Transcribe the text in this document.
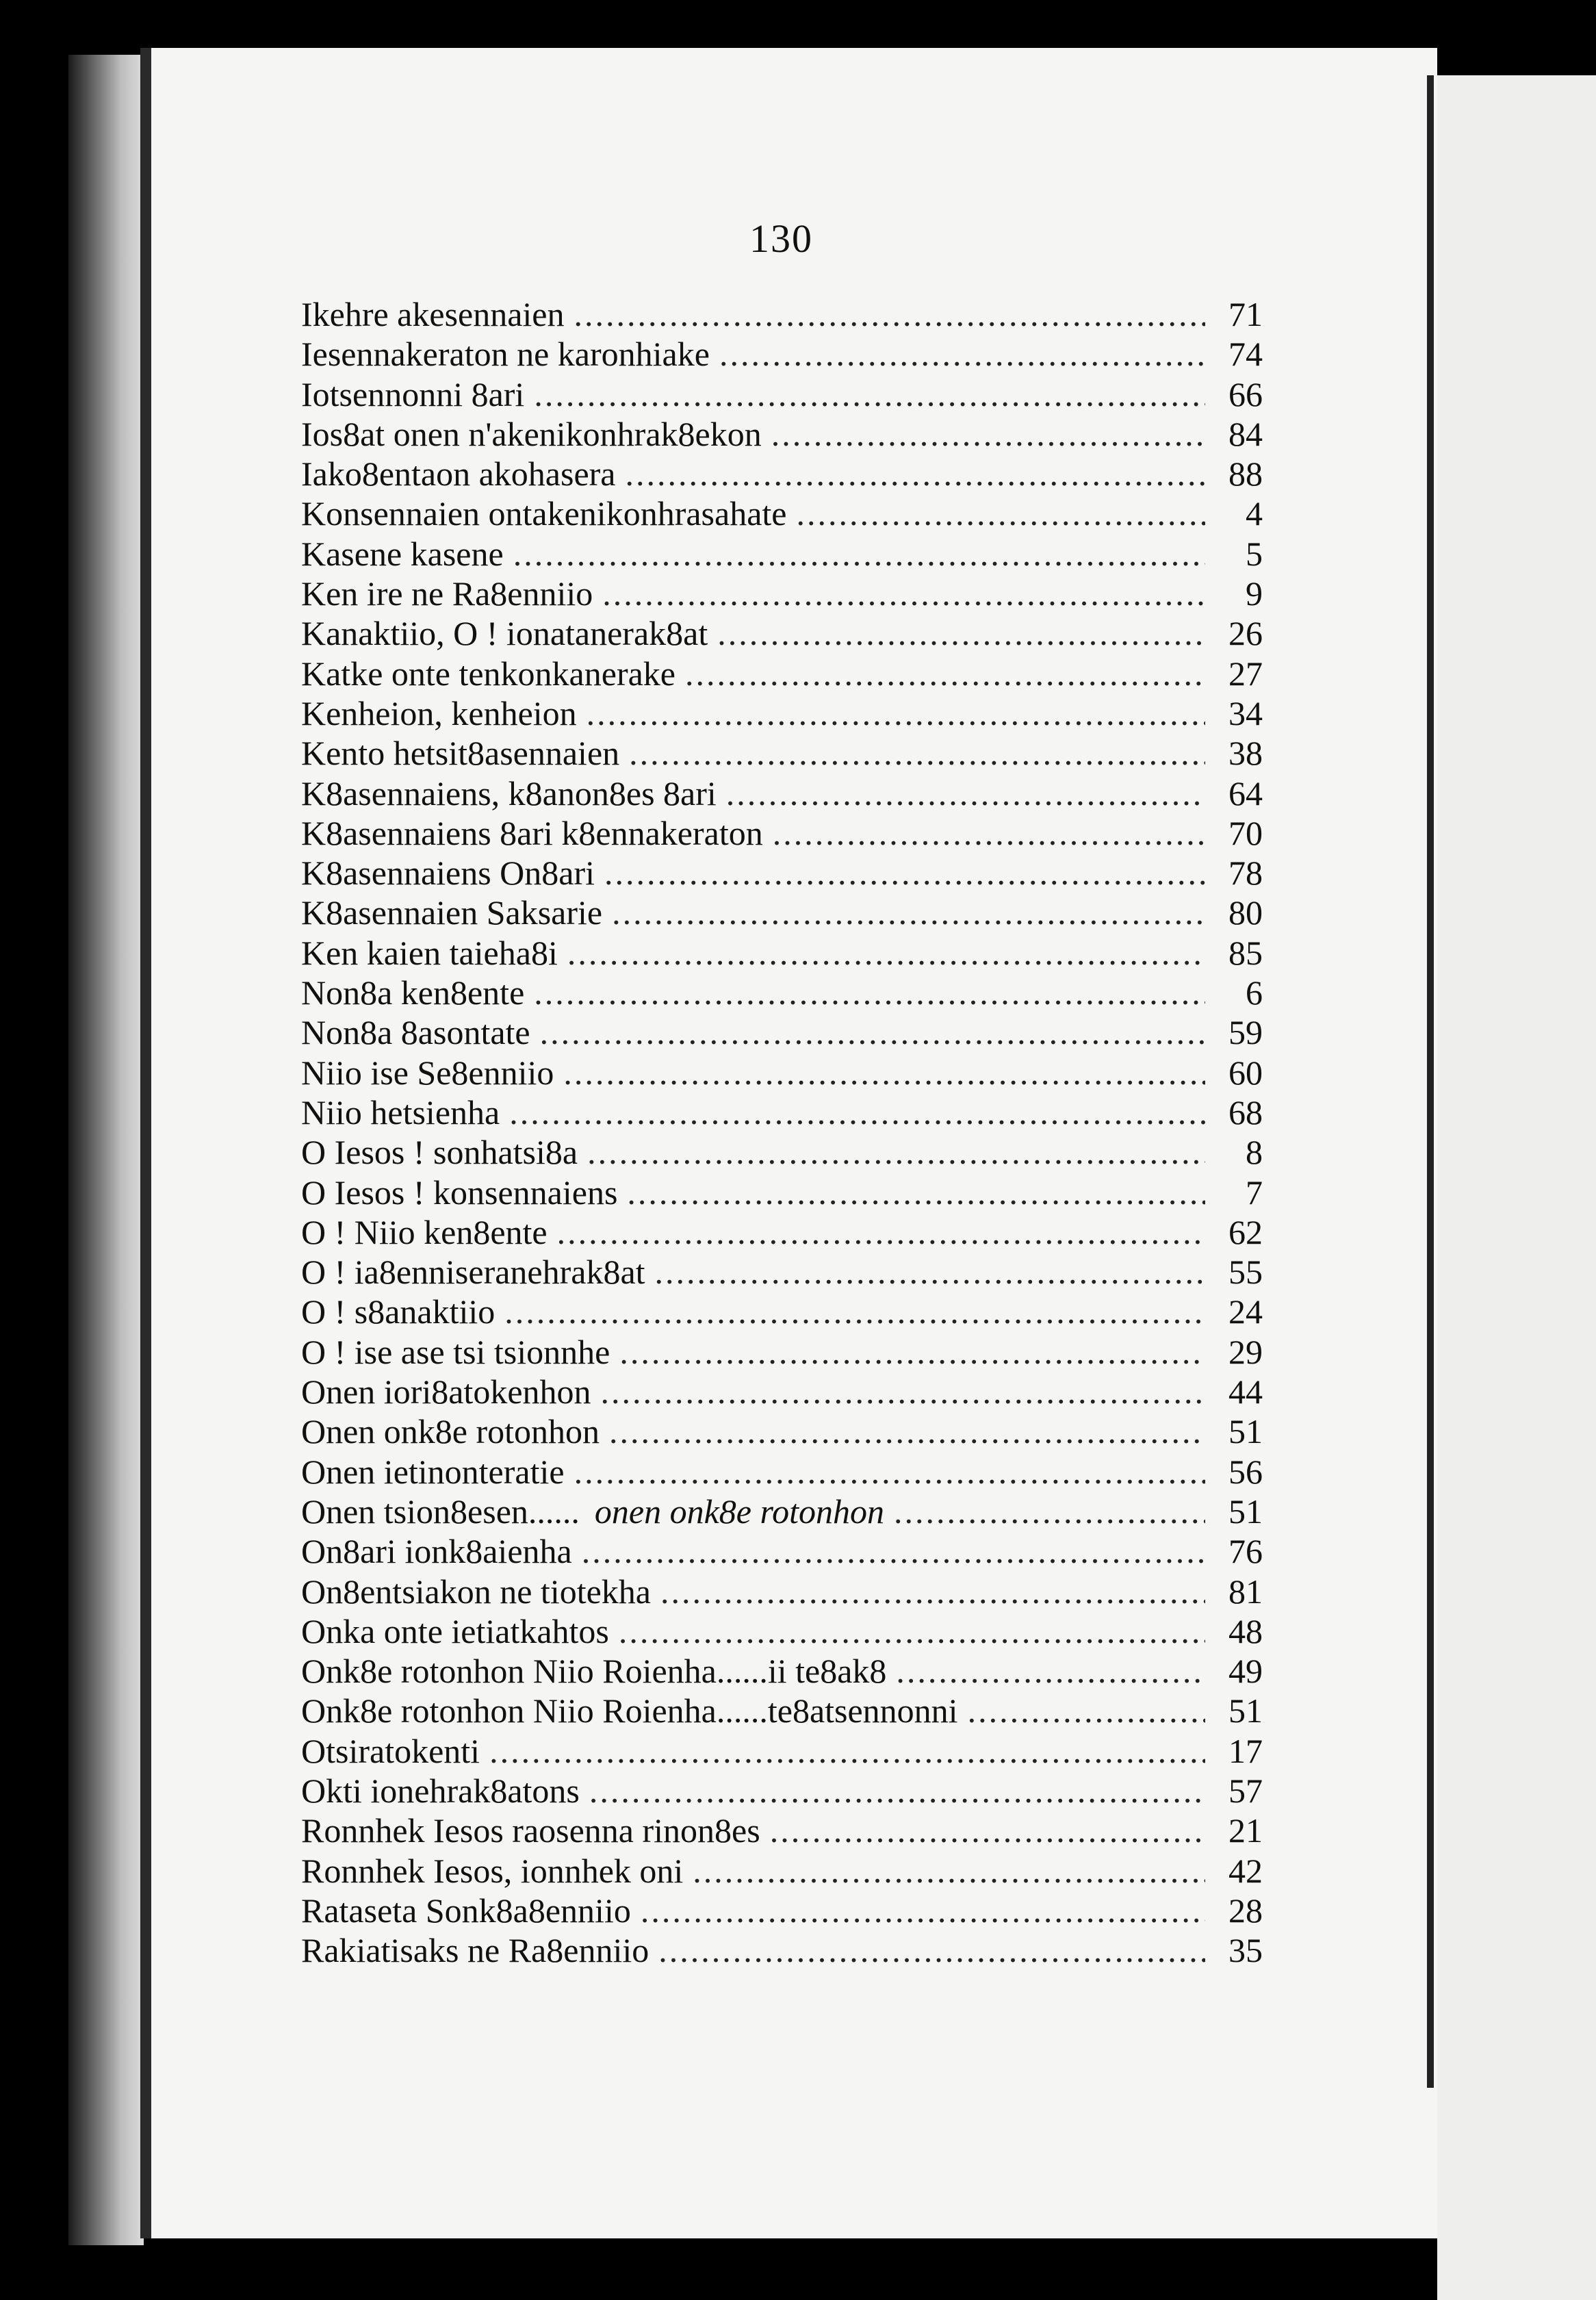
130
Ikehre akesennaien .....	71
Iesennakeraton ne karonhiake .....	74
Iotsennonni 8ari .....	66
Ios8at onen n'akenikonhrak8ekon .....	84
Iako8entaon akohasera .....	88
Konsennaien ontakenikonhrasahate .....	4
Kasene kasene .....	5
Ken ire ne Ra8enniio .....	9
Kanaktiio, O ! ionatanerak8at .....	26
Katke onte tenkonkanerake .....	27
Kenheion, kenheion .....	34
Kento hetsit8asennaien .....	38
K8asennaiens, k8anon8es 8ari .....	64
K8asennaiens 8ari k8ennakeraton .....	70
K8asennaiens On8ari .....	78
K8asennaien Saksarie .....	80
Ken kaien taieha8i .....	85
Non8a ken8ente .....	6
Non8a 8asontate .....	59
Niio ise Se8enniio .....	60
Niio hetsienha .....	68
O Iesos ! sonhatsi8a .....	8
O Iesos ! konsennaiens .....	7
O ! Niio ken8ente .....	62
O ! ia8enniseranehrak8at .....	55
O ! s8anaktiio .....	24
O ! ise ase tsi tsionnhe .....	29
Onen iori8atokenhon .....	44
Onen onk8e rotonhon .....	51
Onen ietinonteratie .....	56
Onen tsion8esen...... onen onk8e rotonhon .....	51
On8ari ionk8aienha .....	76
On8entsiakon ne tiotekha .....	81
Onka onte ietiatkahtos .....	48
Onk8e rotonhon Niio Roienha......ii te8ak8 .....	49
Onk8e rotonhon Niio Roienha......te8atsennonni .....	51
Otsiratokenti .....	17
Okti ionehrak8atons .....	57
Ronnhek Iesos raosenna rinon8es .....	21
Ronnhek Iesos, ionnhek oni .....	42
Rataseta Sonk8a8enniio .....	28
Rakiatisaks ne Ra8enniio .....	35
